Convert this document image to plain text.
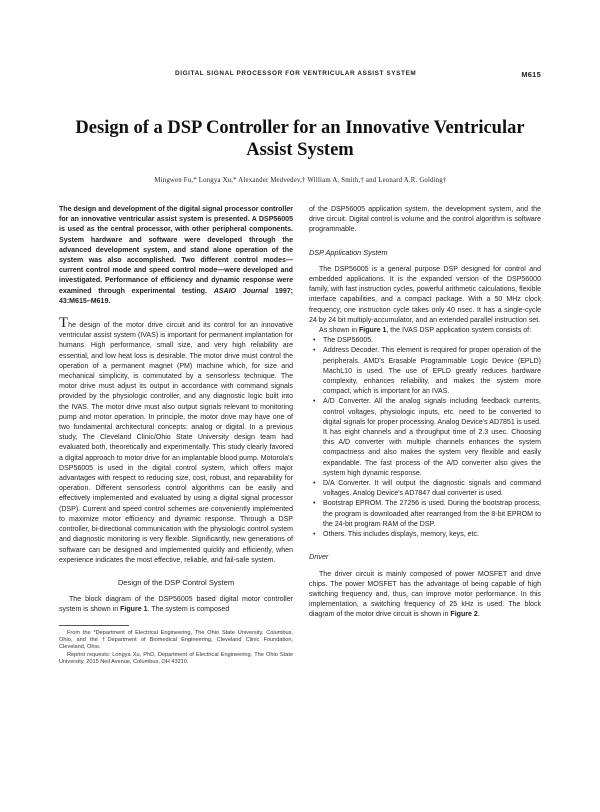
DIGITAL SIGNAL PROCESSOR FOR VENTRICULAR ASSIST SYSTEM	M615
Design of a DSP Controller for an Innovative Ventricular Assist System
Mingwen Fu,* Longya Xu,* Alexander Medvedev,† William A. Smith,† and Leonard A.R. Golding†

The design and development of the digital signal processor controller for an innovative ventricular assist system is presented. A DSP56005 is used as the central processor, with other peripheral components. System hardware and software were developed through the advanced development system, and stand alone operation of the system was also accomplished. Two different control modes—current control mode and speed control mode—were developed and investigated. Performance of efficiency and dynamic response were examined through experimental testing. ASAIO Journal 1997; 43:M615–M619.

The design of the motor drive circuit and its control for an innovative ventricular assist system (IVAS) is important for permanent implantation for humans. High performance, small size, and very high reliability are essential, and low heat loss is desirable. The motor drive must control the operation of a permanent magnet (PM) machine which, for size and mechanical simplicity, is commutated by a sensorless technique. The motor drive must adjust its output in accordance with command signals provided by the physiologic controller, and any diagnostic logic built into the IVAS. The motor drive must also output signals relevant to monitoring pump and motor operation. In principle, the motor drive may have one of two fundamental architectural concepts: analog or digital. In a previous study, The Cleveland Clinic/Ohio State University design team had evaluated both, theoretically and experimentally. This study clearly favored a digital approach to motor drive for an implantable blood pump. Motorola's DSP56005 is used in the digital control system, which offers major advantages with respect to reducing size, cost, robust, and reparability for operation. Different sensorless control algorithms can be easily and effectively implemented and evaluated by using a digital signal processor (DSP). Current and speed control schemes are conveniently implemented to maximize motor efficiency and dynamic response. Through a DSP controller, bi-directional communication with the physiologic control system and diagnostic monitoring is very flexible. Significantly, new generations of software can be designed and implemented quickly and efficiently, when experience indicates the most effective, reliable, and fail-safe system.

Design of the DSP Control System

The block diagram of the DSP56005 based digital motor controller system is shown in Figure 1. The system is composed

From the *Department of Electrical Engineering, The Ohio State University, Columbus, Ohio, and the †Department of Biomedical Engineering, Cleveland Clinic Foundation, Cleveland, Ohio.

Reprint requests: Longya Xu, PhD, Department of Electrical Engineering, The Ohio State University, 2015 Neil Avenue, Columbus, OH 43210.

of the DSP56005 application system, the development system, and the drive circuit. Digital control is volume and the control algorithm is software programmable.

DSP Application System

The DSP56005 is a general purpose DSP designed for control and embedded applications. It is the expanded version of the DSP56000 family, with fast instruction cycles, powerful arithmetic calculations, flexible interface capabilities, and a compact package. With a 50 MHz clock frequency, one instruction cycle takes only 40 nsec. It has a single-cycle 24 by 24 bit multiply-accumulator, and an extended parallel instruction set.

As shown in Figure 1, the IVAS DSP application system consists of:

• The DSP56005.
• Address Decoder. This element is required for proper operation of the peripherals. AMD's Erasable Programmable Logic Device (EPLD) MachL10 is used. The use of EPLD greatly reduces hardware complexity, enhances reliability, and makes the system more compact, which is important for an IVAS.
• A/D Converter. All the analog signals including feedback currents, control voltages, physiologic inputs, etc. need to be converted to digital signals for proper processing. Analog Device's AD7851 is used. It has eight channels and a throughput time of 2.3 usec. Choosing this A/D converter with multiple channels enhances the system compactness and also makes the system very flexible and easily expandable. The fast process of the A/D converter also gives the system high dynamic response.
• D/A Converter. It will output the diagnostic signals and command voltages. Analog Device's AD7847 dual converter is used.
• Bootstrap EPROM. The 27256 is used. During the bootstrap process, the program is downloaded after rearranged from the 8-bit EPROM to the 24-bit program RAM of the DSP.
• Others. This includes displays, memory, keys, etc.
Driver

The driver circuit is mainly composed of power MOSFET and drive chips. The power MOSFET has the advantage of being capable of high switching frequency and, thus, can improve motor performance. In this implementation, a switching frequency of 25 kHz is used. The block diagram of the motor drive circuit is shown in Figure 2.
